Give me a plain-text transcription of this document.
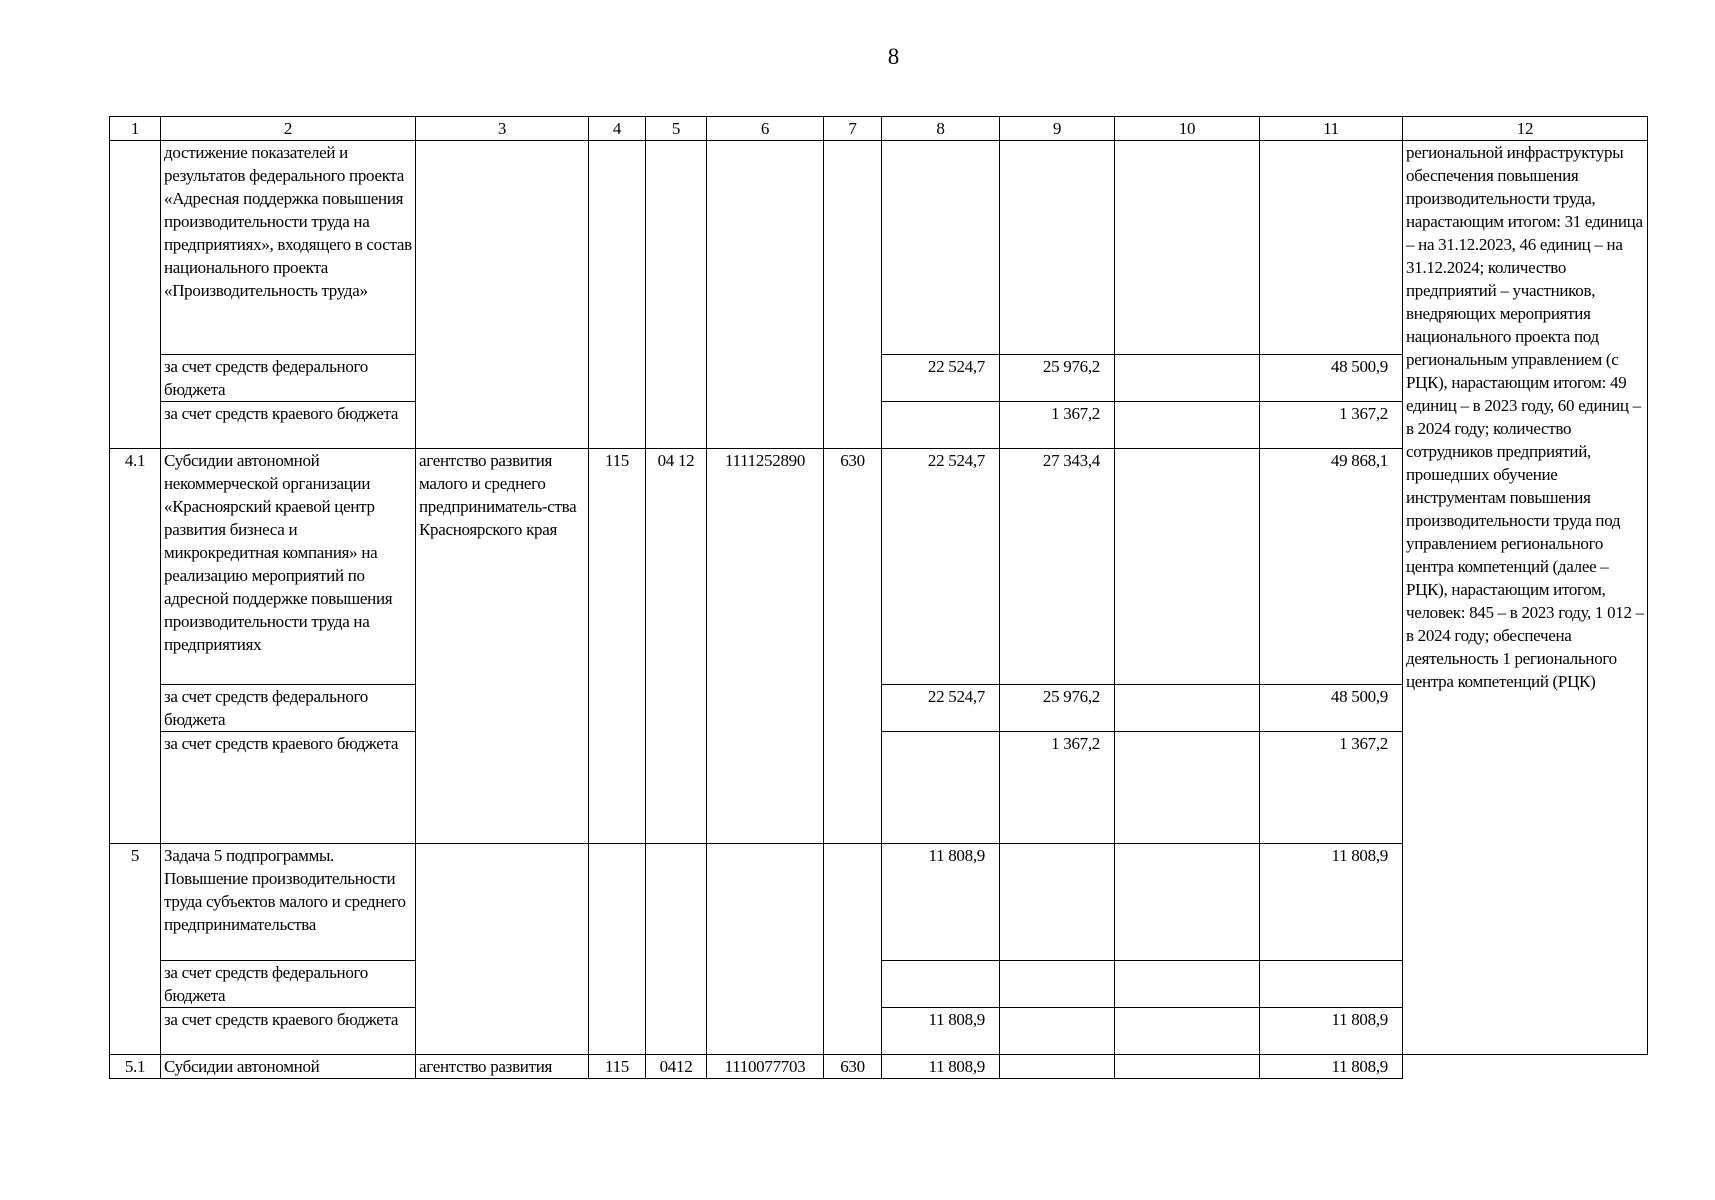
8
1	2	3	4	5	6	7	8	9	10	11	12
	достижение показателей и результатов федерального проекта «Адресная поддержка повышения производительности труда на предприятиях», входящего в состав национального проекта «Производительность труда»										региональной инфраструктуры обеспечения повышения производительности труда, нарастающим итогом: 31 единица – на 31.12.2023, 46 единиц – на 31.12.2024; количество предприятий – участников, внедряющих мероприятия национального проекта под региональным управлением (с РЦК), нарастающим итогом: 49 единиц – в 2023 году, 60 единиц – в 2024 году; количество сотрудников предприятий, прошедших обучение инструментам повышения производительности труда под управлением регионального центра компетенций (далее – РЦК), нарастающим итогом, человек: 845 – в 2023 году, 1 012 – в 2024 году; обеспечена деятельность 1 регионального центра компетенций (РЦК)
	за счет средств федерального бюджета						22 524,7	25 976,2		48 500,9	
	за счет средств краевого бюджета							1 367,2		1 367,2	
4.1	Субсидии автономной некоммерческой организации «Красноярский краевой центр развития бизнеса и микрокредитная компания» на реализацию мероприятий по адресной поддержке повышения производительности труда на предприятиях	агентство развития малого и среднего предприниматель-ства Красноярского края	115	04 12	1111252890	630	22 524,7	27 343,4		49 868,1	
	за счет средств федерального бюджета						22 524,7	25 976,2		48 500,9	
	за счет средств краевого бюджета							1 367,2		1 367,2	
5	Задача 5 подпрограммы. Повышение производительности труда субъектов малого и среднего предпринимательства						11 808,9			11 808,9	
	за счет средств федерального бюджета										
	за счет средств краевого бюджета						11 808,9			11 808,9	
5.1	Субсидии автономной	агентство развития	115	0412	1110077703	630	11 808,9			11 808,9	
